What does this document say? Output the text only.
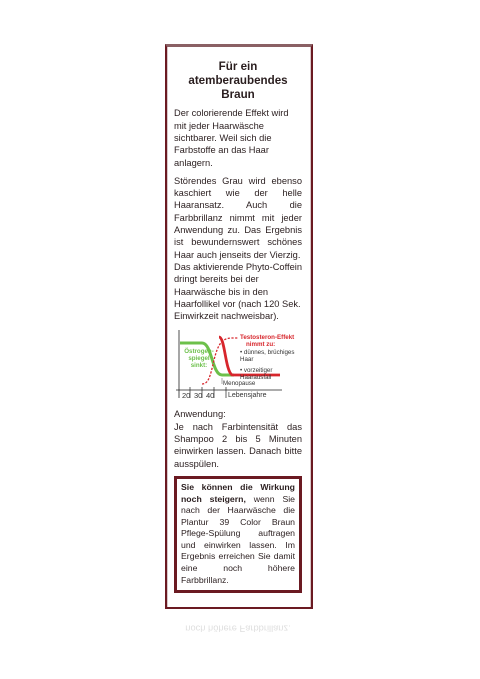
Für ein
atemberaubendes
Braun
Der colorierende Effekt wird mit jeder Haarwäsche sichtbarer. Weil sich die Farbstoffe an das Haar anlagern.
Störendes Grau wird ebenso kaschiert wie der helle Haaransatz. Auch die Farbbrillanz nimmt mit jeder Anwendung zu. Das Ergebnis ist bewundernswert schönes Haar auch jenseits der Vierzig.
Das aktivierende Phyto-Coffein dringt bereits bei der Haarwäsche bis in den Haarfollikel vor (nach 120 Sek. Einwirkzeit nachweisbar).
Östrogen-
spiegel
sinkt:
Testosteron-Effekt
nimmt zu:
• dünnes, brüchiges Haar
• vorzeitiger Haarausfall
Menopause
20 30 40 Lebensjahre
Anwendung:
Je nach Farbintensität das Shampoo 2 bis 5 Minuten einwirken lassen. Danach bitte ausspülen.
Sie können die Wirkung noch steigern, wenn Sie nach der Haarwäsche die Plantur 39 Color Braun Pflege-Spülung auftragen und einwirken lassen. Im Ergebnis erreichen Sie damit eine noch höhere Farbbrillanz.
noch höhere Farbbrillanz.
